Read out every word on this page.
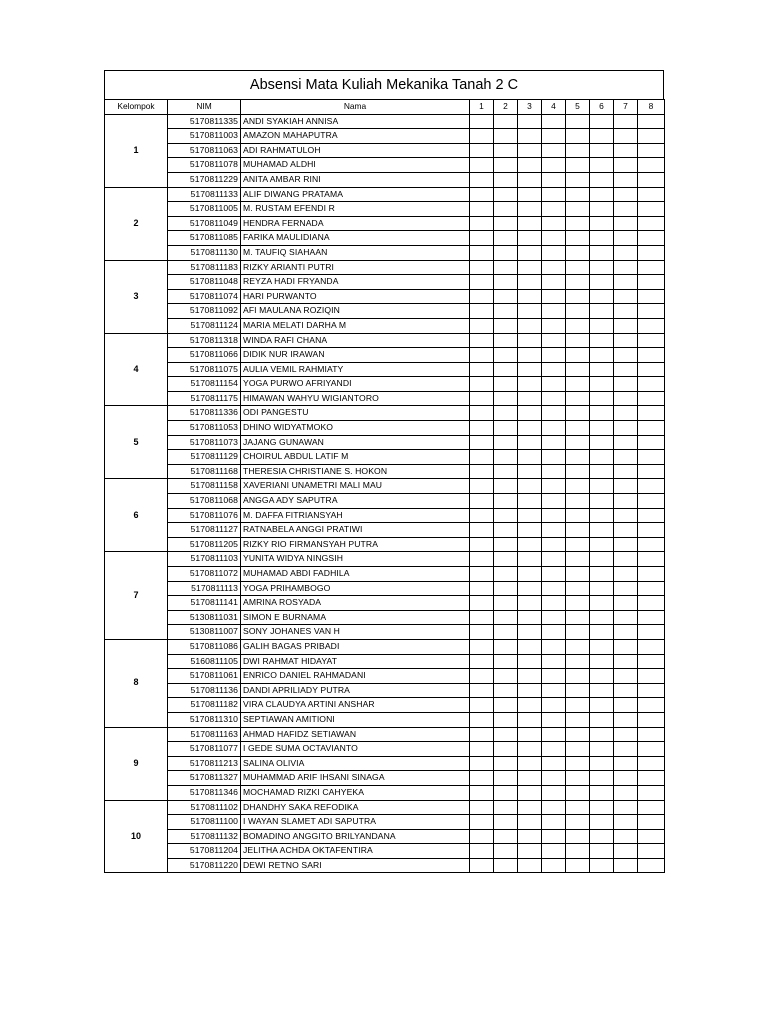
Absensi Mata Kuliah Mekanika Tanah 2 C
Kelompok	NIM	Nama	1	2	3	4	5	6	7	8
1	5170811335	ANDI SYAKIAH ANNISA								
	5170811003	AMAZON MAHAPUTRA								
	5170811063	ADI RAHMATULOH								
	5170811078	MUHAMAD ALDHI								
	5170811229	ANITA AMBAR RINI								
2	5170811133	ALIF DIWANG PRATAMA								
	5170811005	M. RUSTAM EFENDI R								
	5170811049	HENDRA FERNADA								
	5170811085	FARIKA MAULIDIANA								
	5170811130	M. TAUFIQ SIAHAAN								
3	5170811183	RIZKY ARIANTI PUTRI								
	5170811048	REYZA HADI FRYANDA								
	5170811074	HARI PURWANTO								
	5170811092	AFI MAULANA ROZIQIN								
	5170811124	MARIA MELATI DARHA M								
4	5170811318	WINDA RAFI CHANA								
	5170811066	DIDIK NUR IRAWAN								
	5170811075	AULIA VEMIL RAHMIATY								
	5170811154	YOGA PURWO AFRIYANDI								
	5170811175	HIMAWAN WAHYU WIGIANTORO								
5	5170811336	ODI PANGESTU								
	5170811053	DHINO WIDYATMOKO								
	5170811073	JAJANG GUNAWAN								
	5170811129	CHOIRUL ABDUL LATIF M								
	5170811168	THERESIA CHRISTIANE S. HOKON								
6	5170811158	XAVERIANI UNAMETRI MALI MAU								
	5170811068	ANGGA ADY SAPUTRA								
	5170811076	M. DAFFA FITRIANSYAH								
	5170811127	RATNABELA ANGGI PRATIWI								
	5170811205	RIZKY RIO FIRMANSYAH PUTRA								
7	5170811103	YUNITA WIDYA NINGSIH								
	5170811072	MUHAMAD ABDI FADHILA								
	5170811113	YOGA PRIHAMBOGO								
	5170811141	AMRINA ROSYADA								
	5130811031	SIMON E BURNAMA								
	5130811007	SONY JOHANES VAN H								
8	5170811086	GALIH BAGAS PRIBADI								
	5160811105	DWI RAHMAT HIDAYAT								
	5170811061	ENRICO DANIEL RAHMADANI								
	5170811136	DANDI APRILIADY PUTRA								
	5170811182	VIRA CLAUDYA ARTINI ANSHAR								
	5170811310	SEPTIAWAN AMITIONI								
9	5170811163	AHMAD HAFIDZ SETIAWAN								
	5170811077	I GEDE SUMA OCTAVIANTO								
	5170811213	SALINA OLIVIA								
	5170811327	MUHAMMAD ARIF IHSANI SINAGA								
	5170811346	MOCHAMAD RIZKI CAHYEKA								
10	5170811102	DHANDHY SAKA REFODIKA								
	5170811100	I WAYAN SLAMET ADI SAPUTRA								
	5170811132	BOMADINO ANGGITO BRILYANDANA								
	5170811204	JELITHA ACHDA OKTAFENTIRA								
	5170811220	DEWI RETNO SARI								
